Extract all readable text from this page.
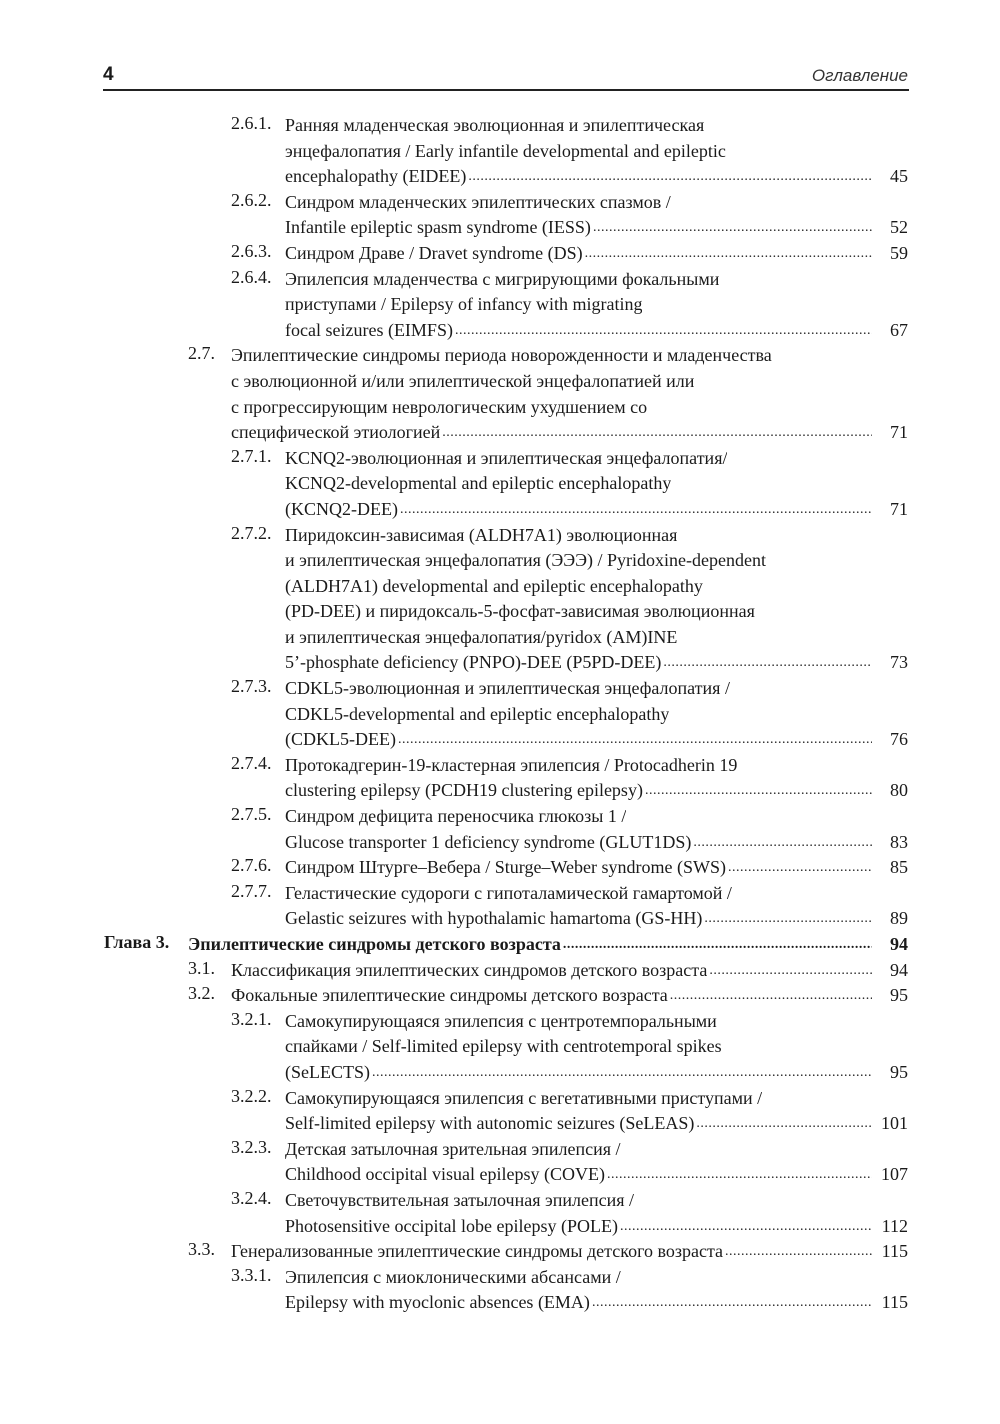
4	Оглавление
2.6.1. Ранняя младенческая эволюционная и эпилептическая
энцефалопатия / Early infantile developmental and epileptic
encephalopathy (EIDEE) .....	45
2.6.2. Синдром младенческих эпилептических спазмов /
Infantile epileptic spasm syndrome (IESS) .....	52
2.6.3. Синдром Драве / Dravet syndrome (DS) .....	59
2.6.4. Эпилепсия младенчества с мигрирующими фокальными
приступами / Epilepsy of infancy with migrating
focal seizures (EIMFS) .....	67
2.7. Эпилептические синдромы периода новорожденности и младенчества
с эволюционной и/или эпилептической энцефалопатией или
с прогрессирующим неврологическим ухудшением со
специфической этиологией .....	71
2.7.1. KCNQ2-эволюционная и эпилептическая энцефалопатия/
KCNQ2-developmental and epileptic encephalopathy
(KCNQ2-DEE) .....	71
2.7.2. Пиридоксин-зависимая (ALDH7A1) эволюционная
и эпилептическая энцефалопатия (ЭЭЭ) / Pyridoxine-dependent
(ALDH7A1) developmental and epileptic encephalopathy
(PD-DEE) и пиридоксаль-5-фосфат-зависимая эволюционная
и эпилептическая энцефалопатия/pyridox (AM)INE
5’-phosphate deficiency (PNPO)-DEE (P5PD-DEE) .....	73
2.7.3. CDKL5-эволюционная и эпилептическая энцефалопатия /
CDKL5-developmental and epileptic encephalopathy
(CDKL5-DEE) .....	76
2.7.4. Протокадгерин-19-кластерная эпилепсия / Protocadherin 19
clustering epilepsy (PCDH19 clustering epilepsy) .....	80
2.7.5. Синдром дефицита переносчика глюкозы 1 /
Glucose transporter 1 deficiency syndrome (GLUT1DS) .....	83
2.7.6. Синдром Штурге–Вебера / Sturge–Weber syndrome (SWS) .....	85
2.7.7. Геластические судороги с гипоталамической гамартомой /
Gelastic seizures with hypothalamic hamartoma (GS-HH) .....	89
Глава 3. Эпилептические синдромы детского возраста .....	94
3.1. Классификация эпилептических синдромов детского возраста .....	94
3.2. Фокальные эпилептические синдромы детского возраста .....	95
3.2.1. Самокупирующаяся эпилепсия с центротемпоральными
спайками / Self-limited epilepsy with centrotemporal spikes
(SeLECTS) .....	95
3.2.2. Самокупирующаяся эпилепсия с вегетативными приступами /
Self-limited epilepsy with autonomic seizures (SeLEAS) .....	101
3.2.3. Детская затылочная зрительная эпилепсия /
Childhood occipital visual epilepsy (COVE) .....	107
3.2.4. Светочувствительная затылочная эпилепсия /
Photosensitive occipital lobe epilepsy (POLE) .....	112
3.3. Генерализованные эпилептические синдромы детского возраста .....	115
3.3.1. Эпилепсия с миоклоническими абсансами /
Epilepsy with myoclonic absences (EMA) .....	115
